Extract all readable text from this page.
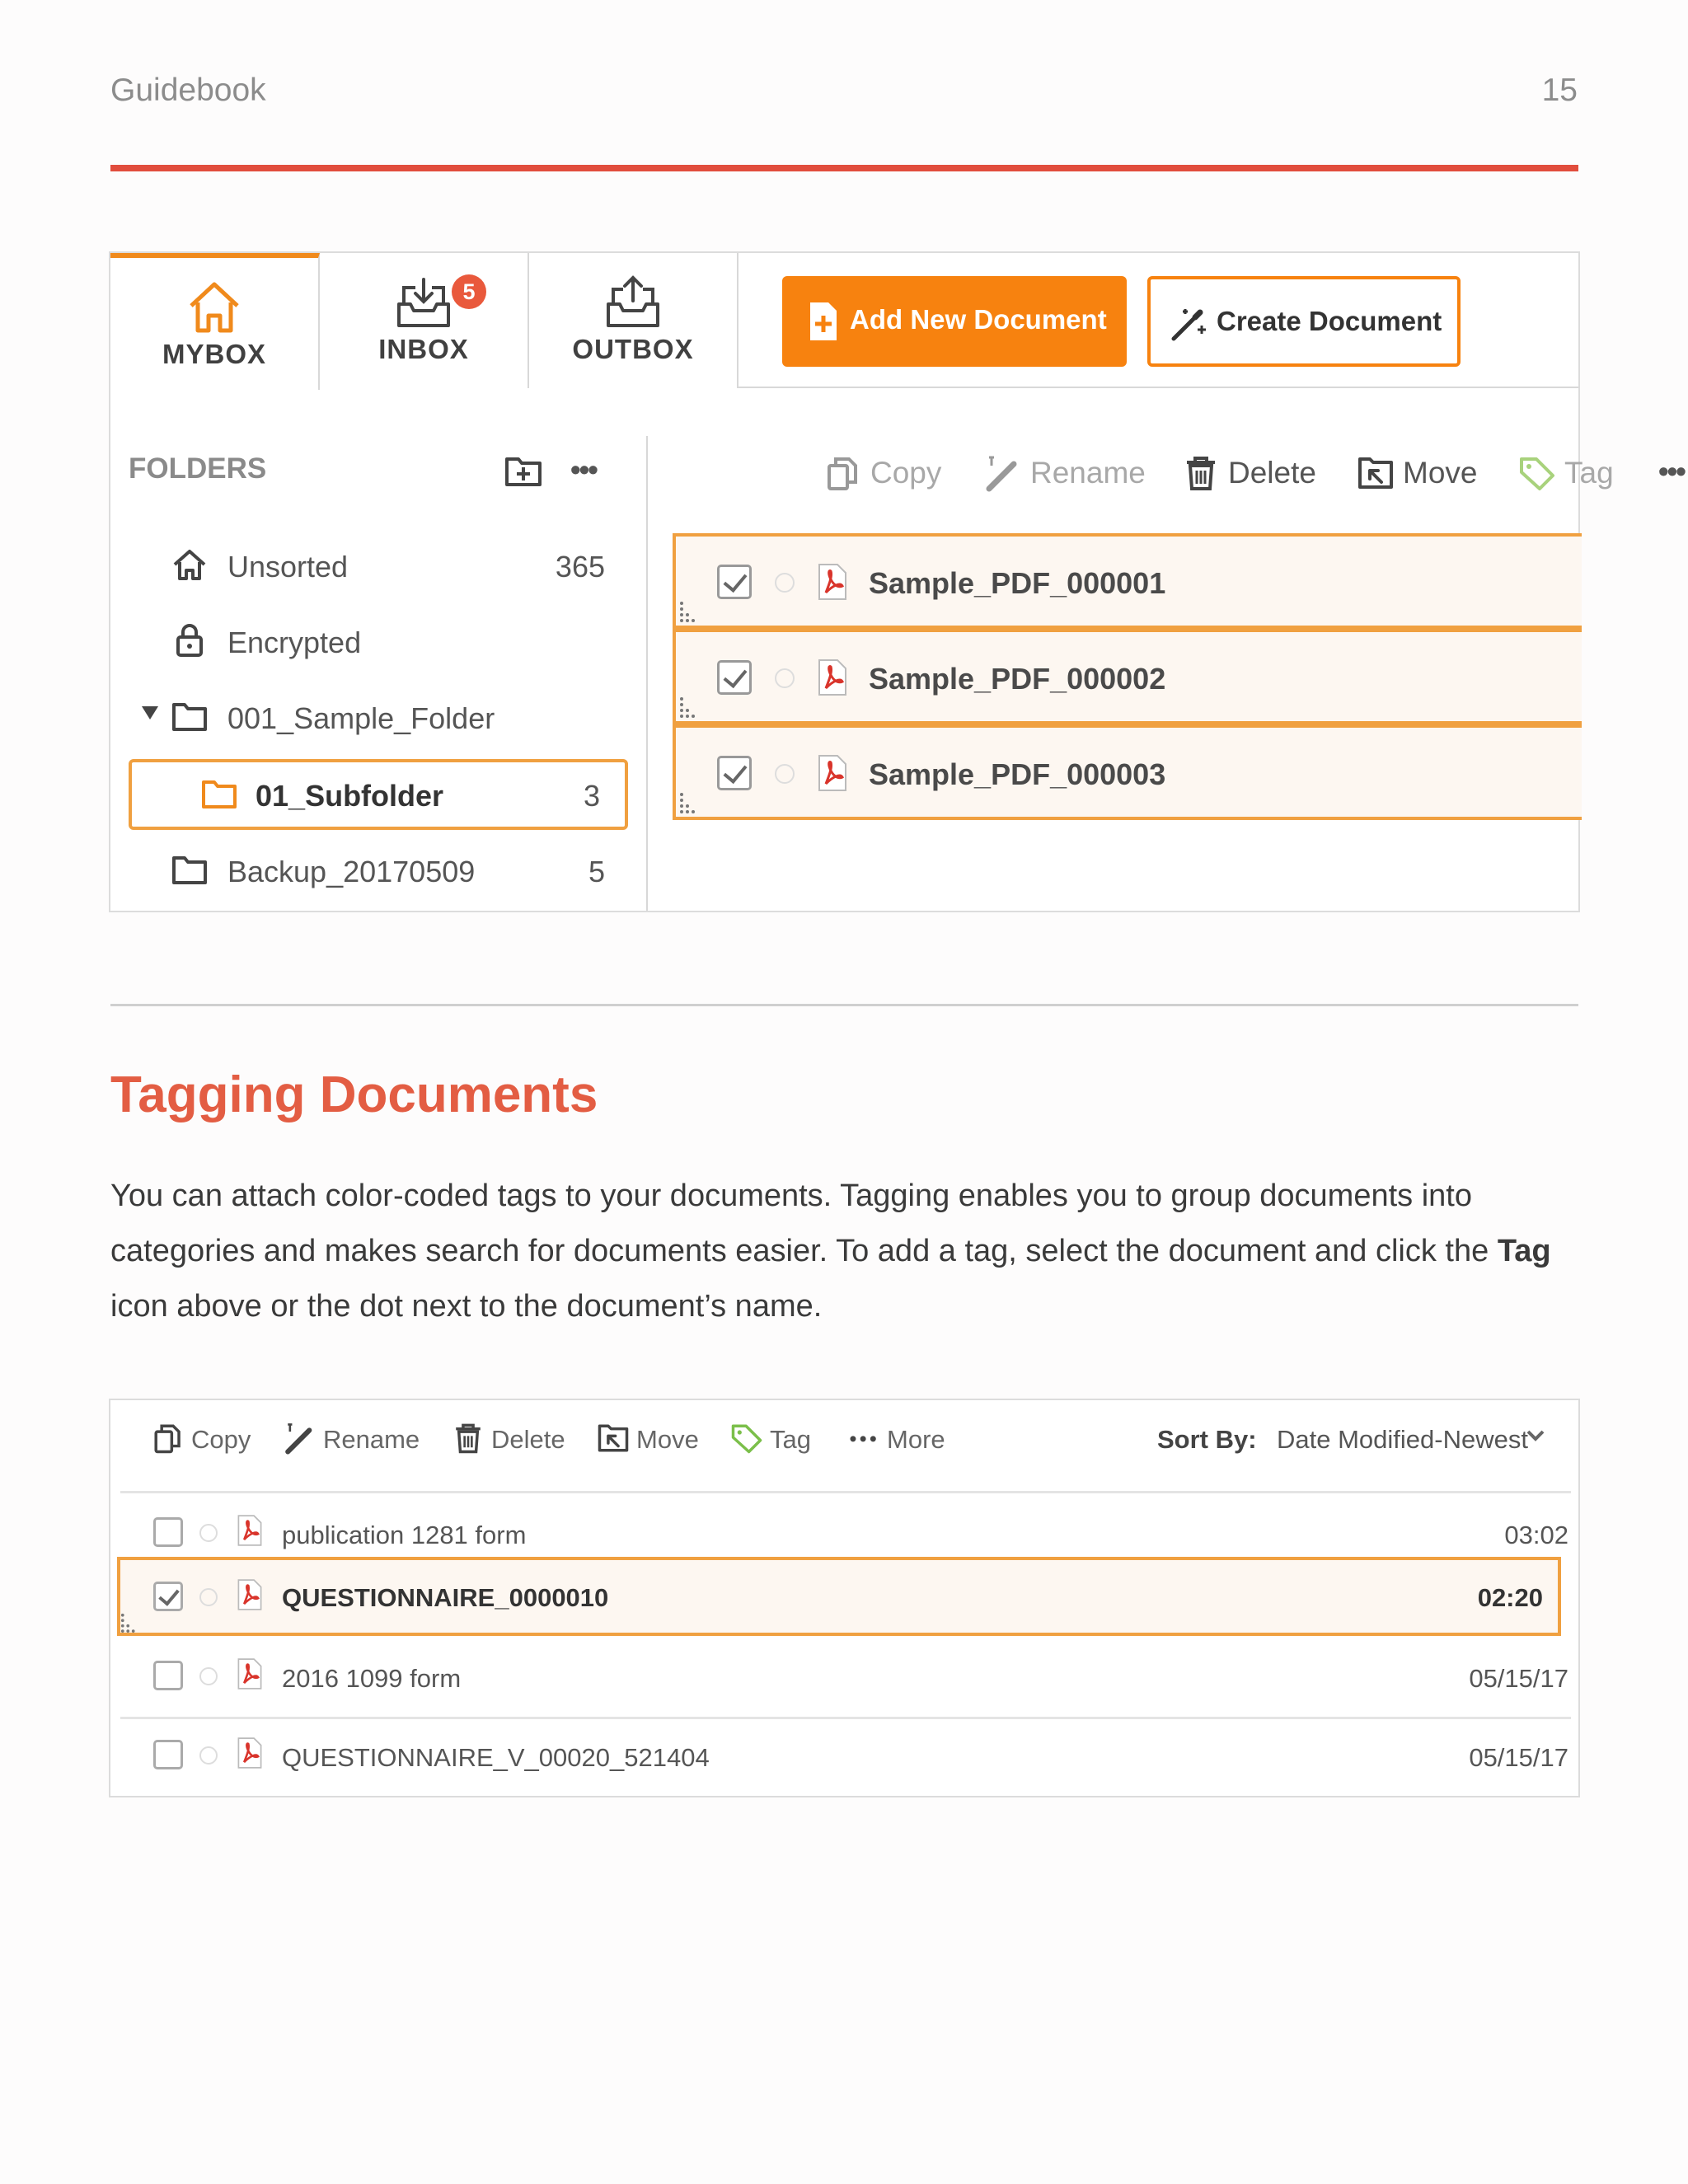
Guidebook	15
MYBOX
5
INBOX	OUTBOX
Add New Document	Create Document
FOLDERS	•••
Unsorted	365
Encrypted
001_Sample_Folder
01_Subfolder	3
Backup_20170509	5
Copy	Rename	Delete	Move	Tag •••
Sample_PDF_000001
Sample_PDF_000002
Sample_PDF_000003
Tagging Documents

You can attach color-coded tags to your documents. Tagging enables you to group documents into categories and makes search for documents easier. To add a tag, select the document and click the Tag icon above or the dot next to the document’s name.

Copy	Rename	Delete	Move	Tag	More	Sort By: Date Modified-Newest
publication 1281 form	03:02
QUESTIONNAIRE_0000010	02:20
2016 1099 form	05/15/17
QUESTIONNAIRE_V_00020_521404	05/15/17
